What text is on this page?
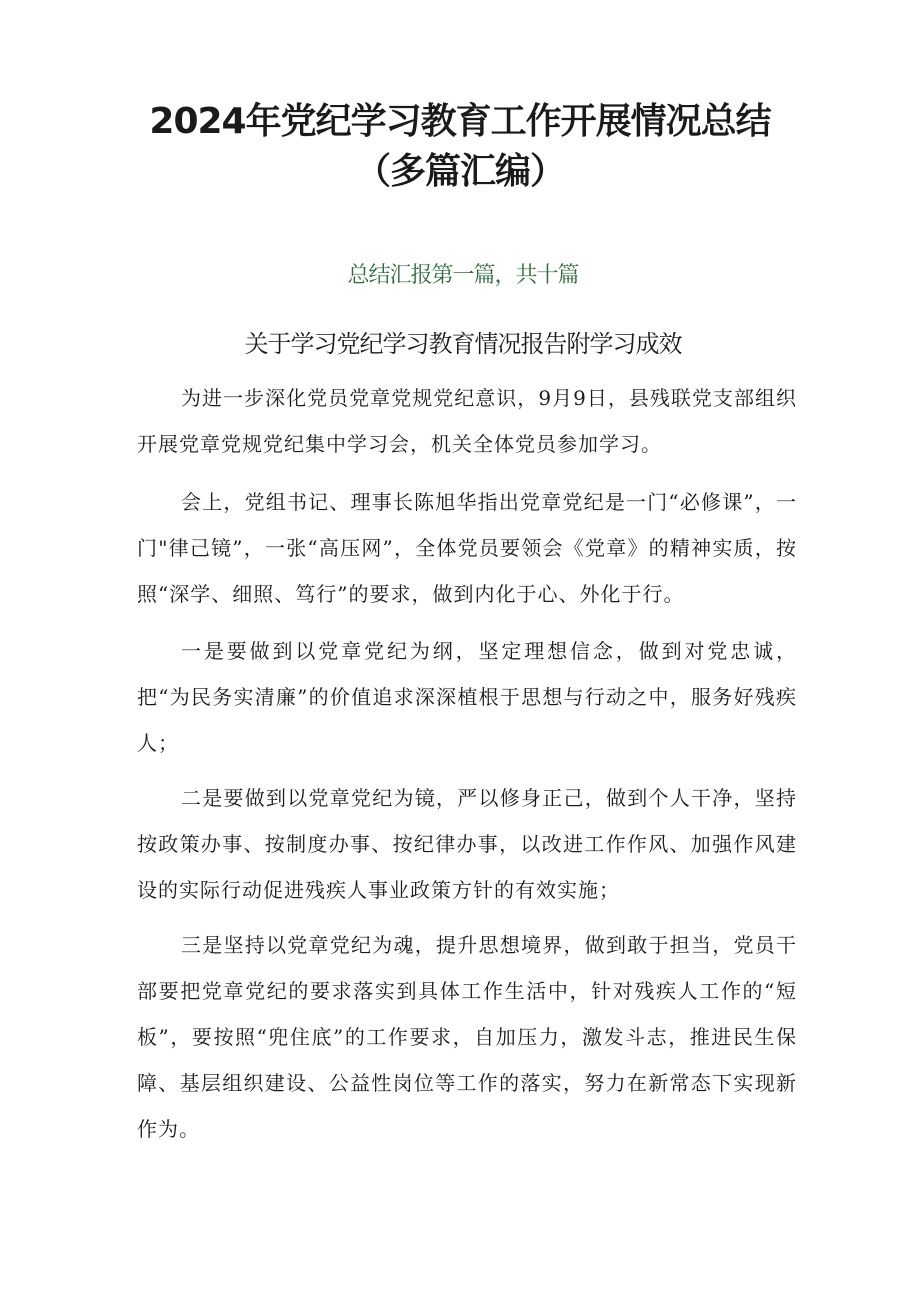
2024年党纪学习教育工作开展情况总结
（多篇汇编）
总结汇报第一篇，共十篇
关于学习党纪学习教育情况报告附学习成效

为进一步深化党员党章党规党纪意识，9月9日，县残联党支部组织开展党章党规党纪集中学习会，机关全体党员参加学习。

会上，党组书记、理事长陈旭华指出党章党纪是一门“必修课”，一门"律己镜”，一张“高压网”，全体党员要领会《党章》的精神实质，按照“深学、细照、笃行”的要求，做到内化于心、外化于行。

一是要做到以党章党纪为纲，坚定理想信念，做到对党忠诚，把“为民务实清廉”的价值追求深深植根于思想与行动之中，服务好残疾人；

二是要做到以党章党纪为镜，严以修身正己，做到个人干净，坚持按政策办事、按制度办事、按纪律办事，以改进工作作风、加强作风建设的实际行动促进残疾人事业政策方针的有效实施；

三是坚持以党章党纪为魂，提升思想境界，做到敢于担当，党员干部要把党章党纪的要求落实到具体工作生活中，针对残疾人工作的“短板”，要按照“兜住底”的工作要求，自加压力，激发斗志，推进民生保障、基层组织建设、公益性岗位等工作的落实，努力在新常态下实现新作为。
